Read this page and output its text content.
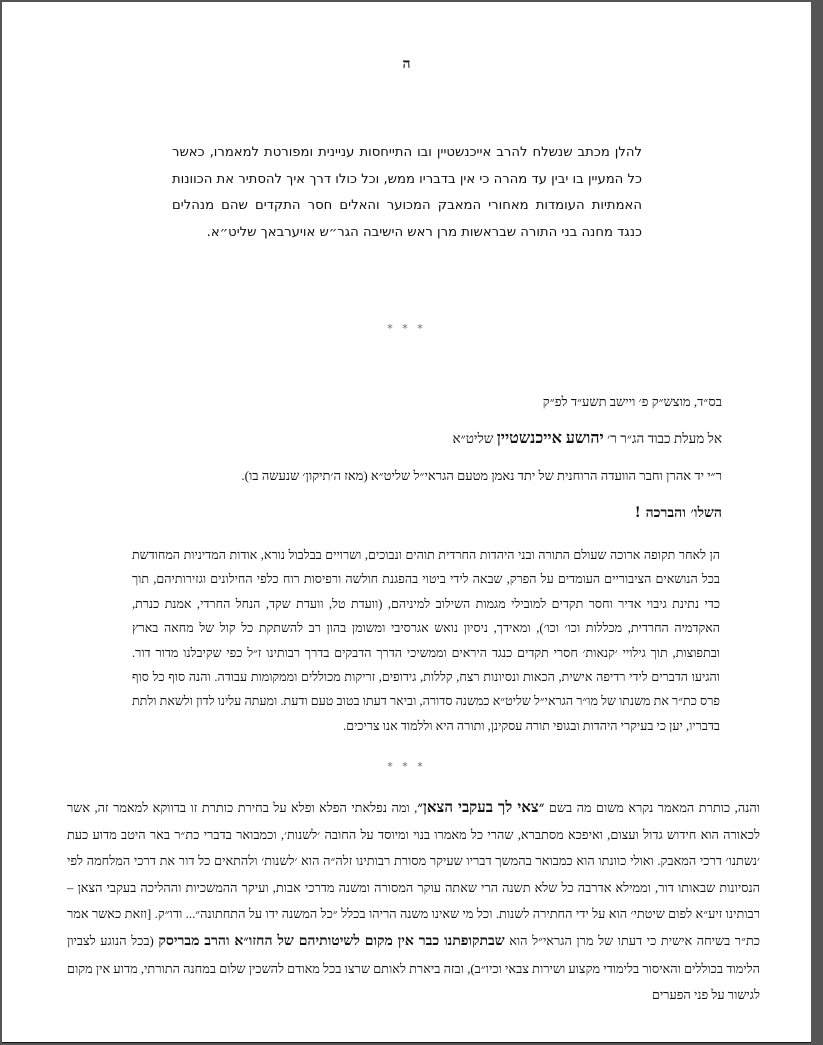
ה

להלן מכתב שנשלח להרב אייכנשטיין ובו התייחסות עניינית ומפורטת למאמרו, כאשר כל המעיין בו יבין עד מהרה כי אין בדבריו ממש, וכל כולו דרך איך להסתיר את הכוונות האמתיות העומדות מאחורי המאבק המכוער והאלים חסר התקדים שהם מנהלים כנגד מחנה בני התורה שבראשות מרן ראש הישיבה הגר״ש אויערבאך שליט״א.

* * *
בס״ד, מוצש״ק פ׳ ויישב תשע״ד לפ״ק
אל מעלת כבוד הג״ר ר׳ יהושע אייכנשטיין שליט״א
ר״י יד אהרן וחבר הוועדה הרוחנית של יתד נאמן מטעם הגראי״ל שליט״א (מאז ה׳תיקון׳ שנעשה בו).
השלו׳ והברכה !

הן לאחר תקופה ארוכה שעולם התורה ובני היהדות החרדית תוהים ונבוכים, ושרויים בבלבול נורא, אודות המדיניות המחודשת בכל הנושאים הציבוריים העומדים על הפרק, שבאה לידי ביטוי בהפגנת חולשה ורפיסות רוח כלפי החילונים וגזירותיהם, תוך כדי נתינת גיבוי אדיר וחסר תקדים למובילי מגמות השילוב למיניהם, (וועדת טל, וועדת שקד, הנחל החרדי, אמנת כנרת, האקדמיה החרדית, מכללות וכו׳ וכו׳), ומאידך, ניסיון נואש אגרסיבי ומשומן בהון רב להשתקת כל קול של מחאה בארץ ובתפוצות, תוך גילויי ׳קנאות׳ חסרי תקדים כנגד היראים וממשיכי הדרך הדבקים בדרך רבותינו ז״ל כפי שקיבלנו מדור דור. והגיעו הדברים לידי רדיפה אישית, הכאות ונסיונות רצח, קללות, גידופים, זריקות מכוללים וממקומות עבודה. והנה סוף כל סוף פרס כת״ר את משנתו של מו״ר הגראי״ל שליט״א כמשנה סדורה, וביאר דעתו בטוב טעם ודעת. ומעתה עלינו לדון ולשאת ולתת בדבריו, יען כי בעיקרי היהדות ובגופי תורה עסקינן, ותורה היא וללמוד אנו צריכים.

* * *

והנה, כותרת המאמר נקרא משום מה בשם ״צאי לך בעקבי הצאן״, ומה נפלאתי הפלא ופלא על בחירת כותרת זו בדווקא למאמר זה, אשר לכאורה הוא חידוש גדול ועצום, ואיפכא מסתברא, שהרי כל מאמרו בנוי ומיוסד על החובה ׳לשנות׳, וכמבואר בדברי כת״ר באר היטב מדוע כעת ׳נשתנו׳ דרכי המאבק. ואולי כוונתו הוא כמבואר בהמשך דבריו שעיקר מסורת רבותינו זלה״ה הוא ׳לשנות׳ ולהתאים כל דור את דרכי המלחמה לפי הנסיונות שבאותו דור, וממילא אדרבה כל שלא תשנה הרי שאתה עוקר המסורה ומשנה מדרכי אבות, ועיקר ההמשכיות וההליכה בעקבי הצאן – רבותינו זיע״א לפום שיטתי׳ הוא על ידי החתירה לשנות. וכל מי שאינו משנה הריהו בכלל ״כל המשנה ידו על התחתונה״... ודו״ק. [וזאת כאשר אמר כת״ר בשיחה אישית כי דעתו של מרן הגראי״ל הוא שבתקופתנו כבר אין מקום לשיטותיהם של החזו״א והרב מבריסק (בכל הנוגע לצביון הלימוד בכוללים והאיסור בלימודי מקצוע ושירות צבאי וכיו״ב), ובזה ביארת לאותם שרצו בכל מאודם להשכין שלום במחנה התורתי, מדוע אין מקום לגישור על פני הפערים
